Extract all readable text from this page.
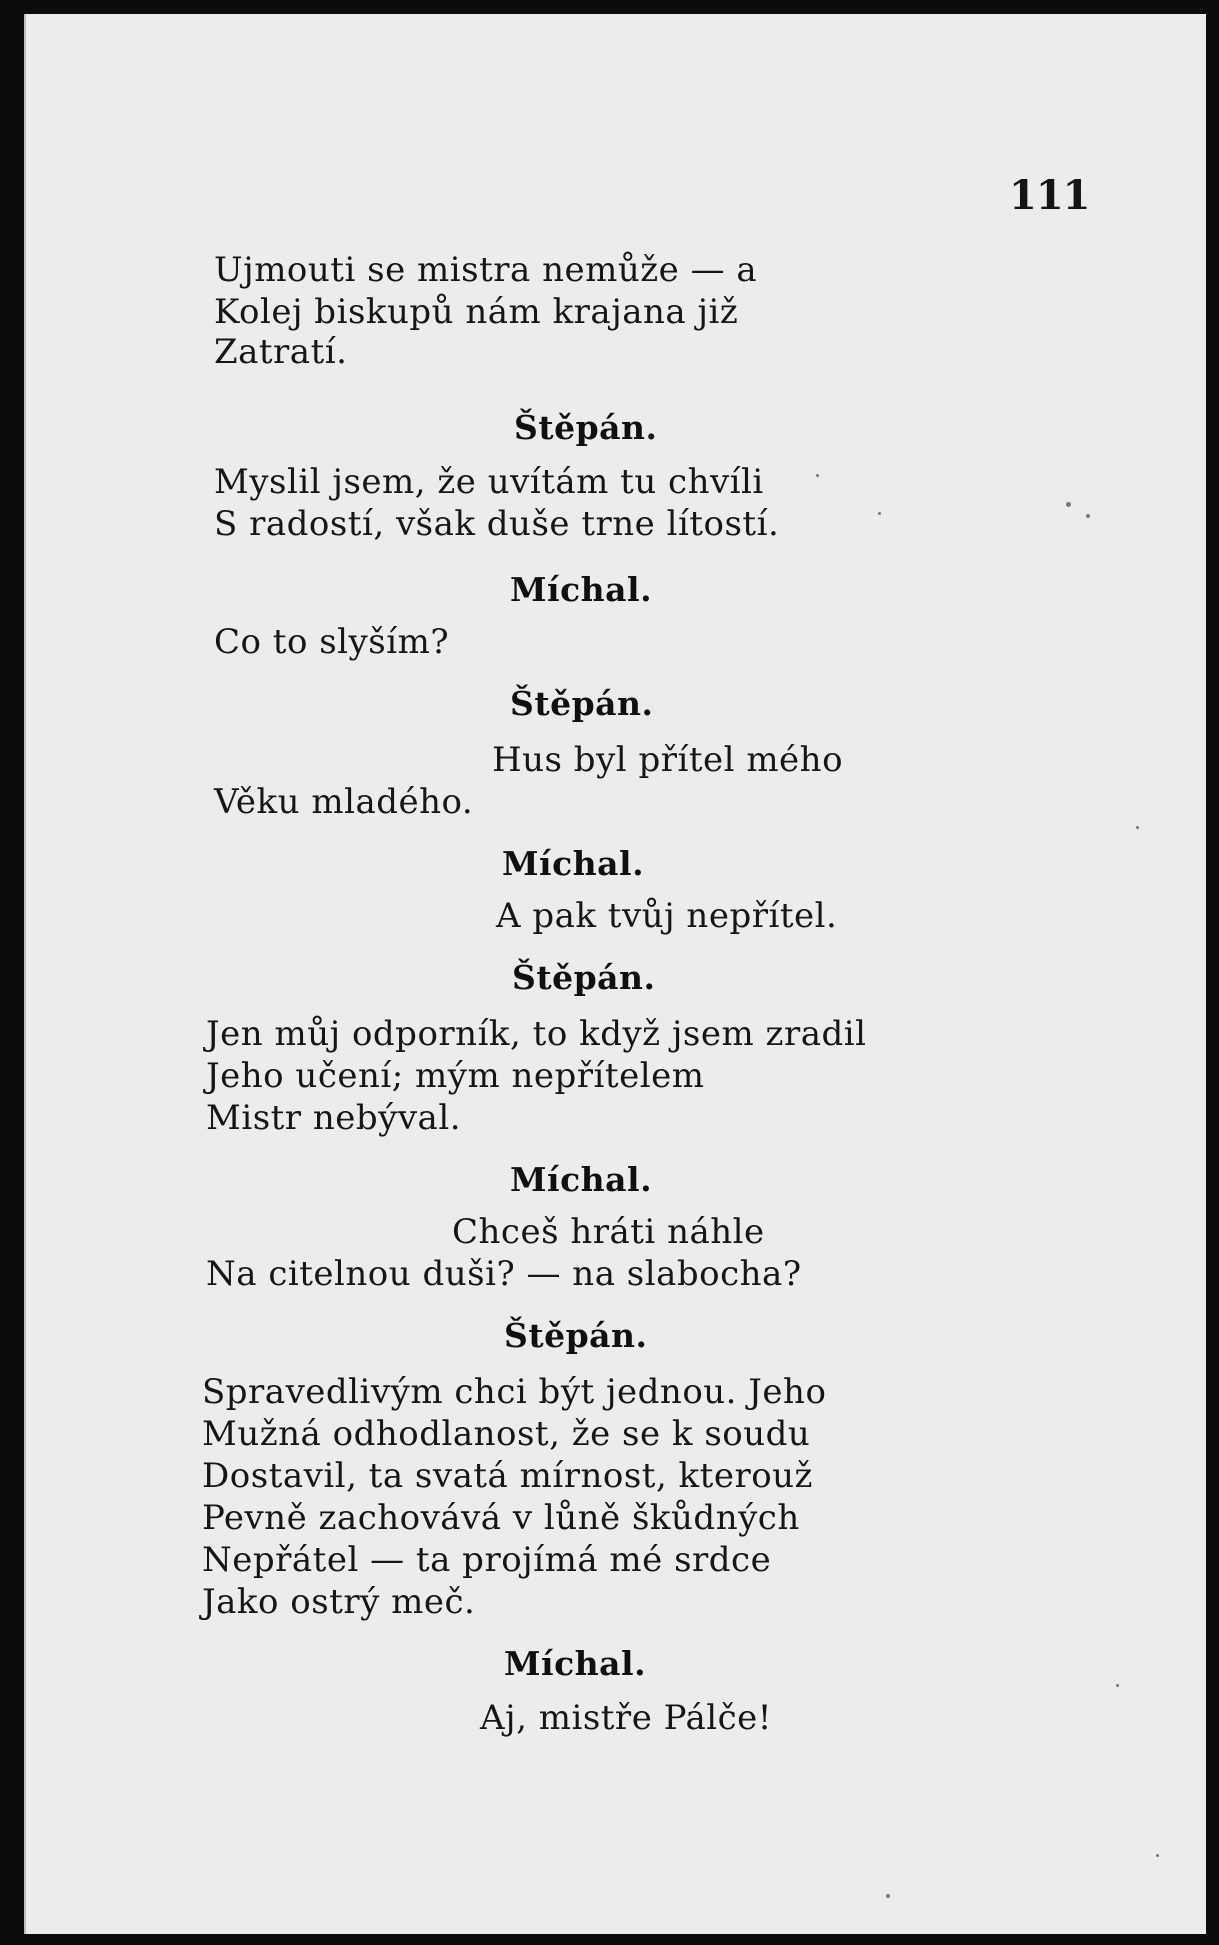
111
Ujmouti se mistra nemůže — a
Kolej biskupů nám krajana již
Zatratí.
Štěpán.
Myslil jsem, že uvítám tu chvíli
S radostí, však duše trne lítostí.
Míchal.
Co to slyším?
Štěpán.
Hus byl přítel mého
Věku mladého.
Míchal.
A pak tvůj nepřítel.
Štěpán.
Jen můj odporník, to když jsem zradil
Jeho učení; mým nepřítelem
Mistr nebýval.
Míchal.
Chceš hráti náhle
Na citelnou duši? — na slabocha?
Štěpán.
Spravedlivým chci být jednou. Jeho
Mužná odhodlanost, že se k soudu
Dostavil, ta svatá mírnost, kterouž
Pevně zachovává v lůně škůdných
Nepřátel — ta projímá mé srdce
Jako ostrý meč.
Míchal.
Aj, mistře Pálče!
